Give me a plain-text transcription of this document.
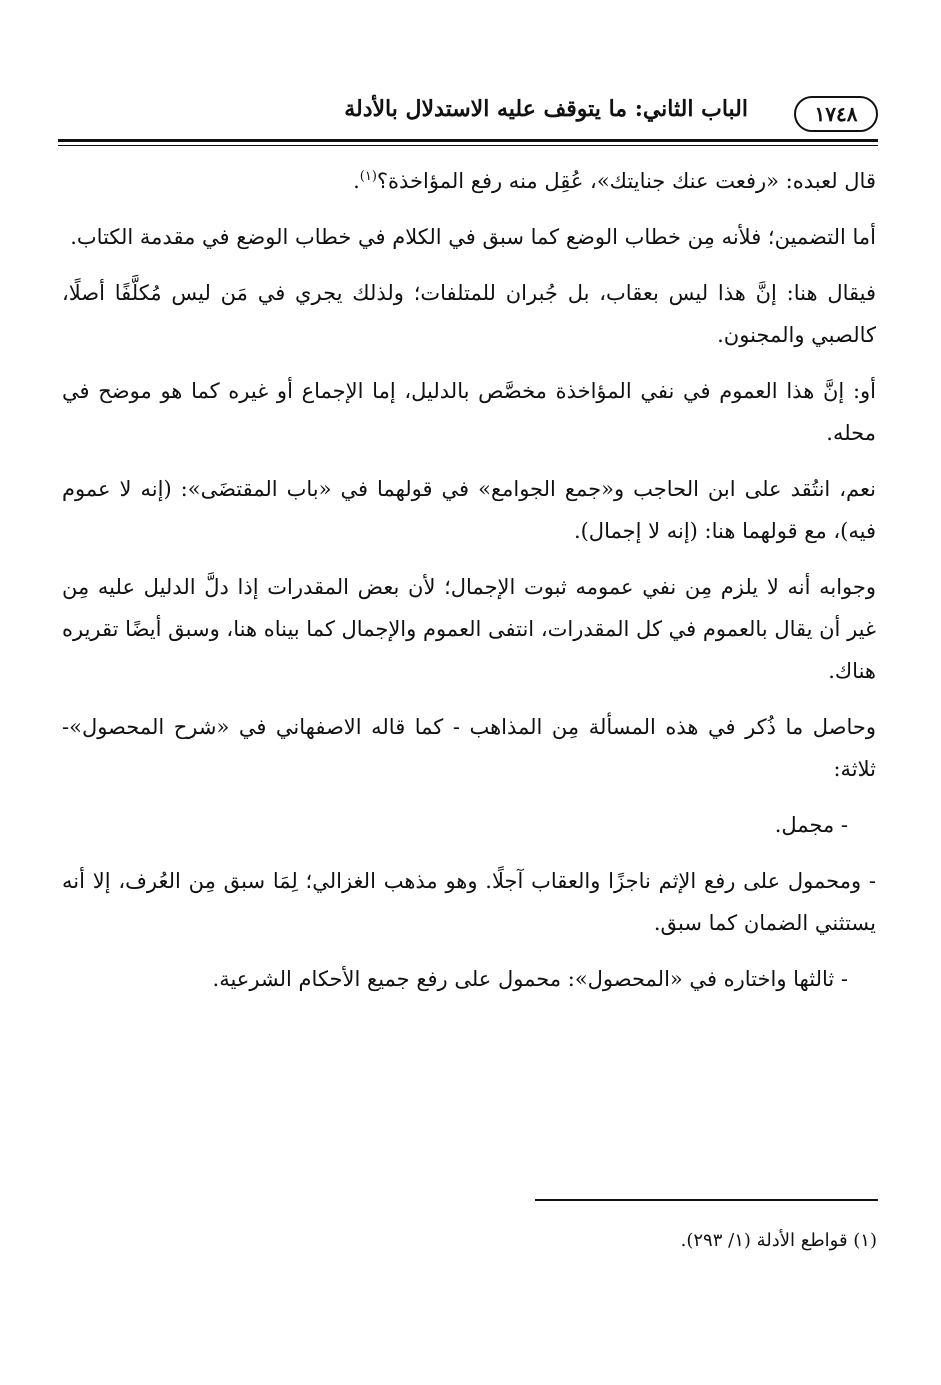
١٧٤٨
الباب الثاني: ما يتوقف عليه الاستدلال بالأدلة

قال لعبده: «رفعت عنك جنايتك»، عُقِل منه رفع المؤاخذة؟$^{(١)}$.

أما التضمين؛ فلأنه مِن خطاب الوضع كما سبق في الكلام في خطاب الوضع في مقدمة الكتاب.

فيقال هنا: إنَّ هذا ليس بعقاب، بل جُبران للمتلفات؛ ولذلك يجري في مَن ليس مُكلَّفًا أصلًا، كالصبي والمجنون.

أو: إنَّ هذا العموم في نفي المؤاخذة مخصَّص بالدليل، إما الإجماع أو غيره كما هو موضح في محله.

نعم، انتُقد على ابن الحاجب و«جمع الجوامع» في قولهما في «باب المقتضَى»: (إنه لا عموم فيه)، مع قولهما هنا: (إنه لا إجمال).

وجوابه أنه لا يلزم مِن نفي عمومه ثبوت الإجمال؛ لأن بعض المقدرات إذا دلَّ الدليل عليه مِن غير أن يقال بالعموم في كل المقدرات، انتفى العموم والإجمال كما بيناه هنا، وسبق أيضًا تقريره هناك.

وحاصل ما ذُكر في هذه المسألة مِن المذاهب - كما قاله الاصفهاني في «شرح المحصول»- ثلاثة:

- مجمل.

- ومحمول على رفع الإثم ناجزًا والعقاب آجلًا. وهو مذهب الغزالي؛ لِمَا سبق مِن العُرف، إلا أنه يستثني الضمان كما سبق.

- ثالثها واختاره في «المحصول»: محمول على رفع جميع الأحكام الشرعية.

(١) قواطع الأدلة (١/ ٢٩٣).
